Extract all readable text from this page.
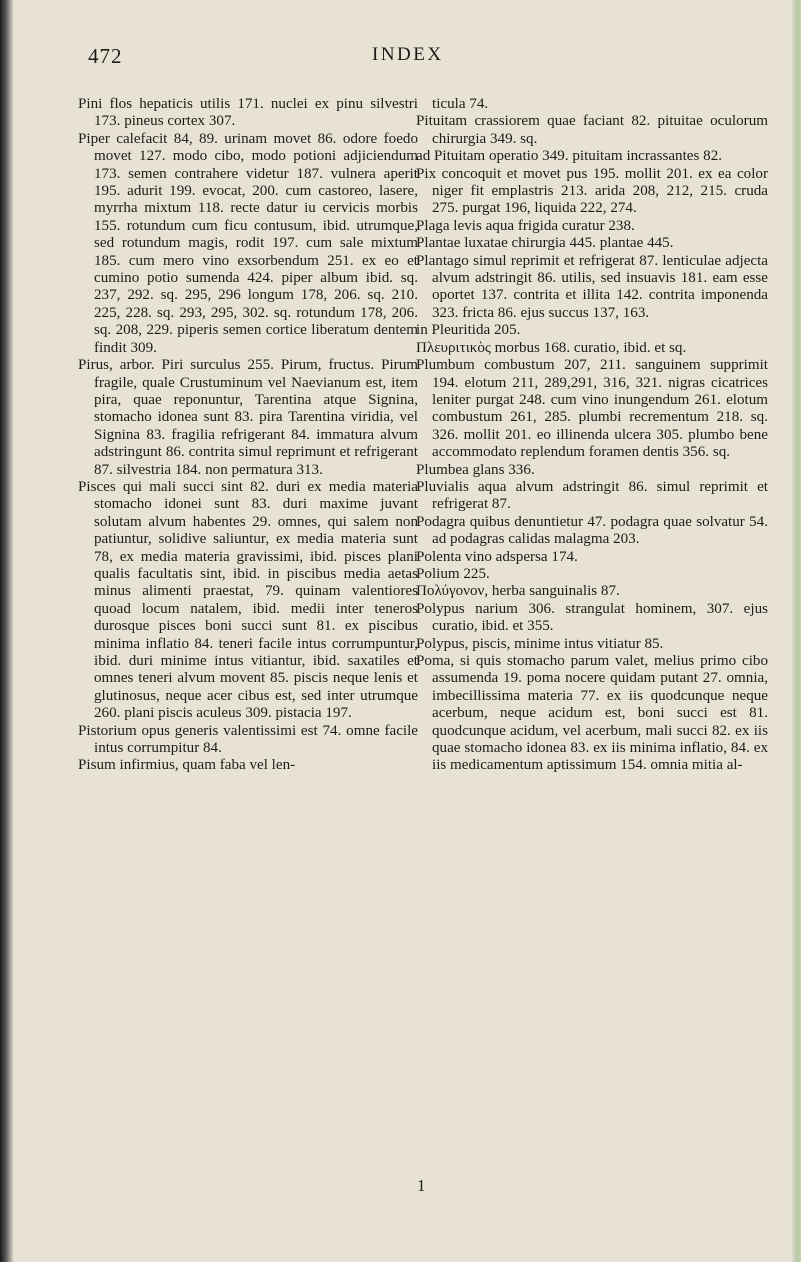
472	INDEX

Pini flos hepaticis utilis 171. nuclei ex pinu silvestri 173. pineus cortex 307.

Piper calefacit 84, 89. urinam movet 86. odore foedo movet 127. modo cibo, modo potioni adjiciendum 173. semen contrahere videtur 187. vulnera aperit 195. adurit 199. evocat, 200. cum castoreo, lasere, myrrha mixtum 118. recte datur iu cervicis morbis 155. rotundum cum ficu contusum, ibid. utrumque, sed rotundum magis, rodit 197. cum sale mixtum 185. cum mero vino exsorbendum 251. ex eo et cumino potio sumenda 424. piper album ibid. sq. 237, 292. sq. 295, 296 longum 178, 206. sq. 210. 225, 228. sq. 293, 295, 302. sq. rotundum 178, 206. sq. 208, 229. piperis semen cortice liberatum dentem findit 309.

Pirus, arbor. Piri surculus 255. Pirum, fructus. Pirum fragile, quale Crustuminum vel Naevianum est, item pira, quae reponuntur, Tarentina atque Signina, stomacho idonea sunt 83. pira Tarentina viridia, vel Signina 83. fragilia refrigerant 84. immatura alvum adstringunt 86. contrita simul reprimunt et refrigerant 87. silvestria 184. non permatura 313.

Pisces qui mali succi sint 82. duri ex media materia stomacho idonei sunt 83. duri maxime juvant solutam alvum habentes 29. omnes, qui salem non patiuntur, solidive saliuntur, ex media materia sunt 78, ex media materia gravissimi, ibid. pisces plani qualis facultatis sint, ibid. in piscibus media aetas minus alimenti praestat, 79. quinam valentiores quoad locum natalem, ibid. medii inter teneros durosque pisces boni succi sunt 81. ex piscibus minima inflatio 84. teneri facile intus corrumpuntur, ibid. duri minime intus vitiantur, ibid. saxatiles et omnes teneri alvum movent 85. piscis neque lenis et glutinosus, neque acer cibus est, sed inter utrumque 260. plani piscis aculeus 309. pistacia 197.

Pistorium opus generis valentissimi est 74. omne facile intus corrumpitur 84.

Pisum infirmius, quam faba vel len-

ticula 74.

Pituitam crassiorem quae faciant 82. pituitae oculorum chirurgia 349. sq.

ad Pituitam operatio 349. pituitam incrassantes 82.

Pix concoquit et movet pus 195. mollit 201. ex ea color niger fit emplastris 213. arida 208, 212, 215. cruda 275. purgat 196, liquida 222, 274.

Plaga levis aqua frigida curatur 238.

Plantae luxatae chirurgia 445. plantae 445.

Plantago simul reprimit et refrigerat 87. lenticulae adjecta alvum adstringit 86. utilis, sed insuavis 181. eam esse oportet 137. contrita et illita 142. contrita imponenda 323. fricta 86. ejus succus 137, 163.

in Pleuritida 205.

Πλευριτικὸς morbus 168. curatio, ibid. et sq.

Plumbum combustum 207, 211. sanguinem supprimit 194. elotum 211, 289,291, 316, 321. nigras cicatrices leniter purgat 248. cum vino inungendum 261. elotum combustum 261, 285. plumbi recrementum 218. sq. 326. mollit 201. eo illinenda ulcera 305. plumbo bene accommodato replendum foramen dentis 356. sq.

Plumbea glans 336.

Pluvialis aqua alvum adstringit 86. simul reprimit et refrigerat 87.

Podagra quibus denuntietur 47. podagra quae solvatur 54. ad podagras calidas malagma 203.

Polenta vino adspersa 174.

Polium 225.

Πολύγονον, herba sanguinalis 87.

Polypus narium 306. strangulat hominem, 307. ejus curatio, ibid. et 355.

Polypus, piscis, minime intus vitiatur 85.

Poma, si quis stomacho parum valet, melius primo cibo assumenda 19. poma nocere quidam putant 27. omnia, imbecillissima materia 77. ex iis quodcunque neque acerbum, neque acidum est, boni succi est 81. quodcunque acidum, vel acerbum, mali succi 82. ex iis quae stomacho idonea 83. ex iis minima inflatio, 84. ex iis medicamentum aptissimum 154. omnia mitia al-

1
